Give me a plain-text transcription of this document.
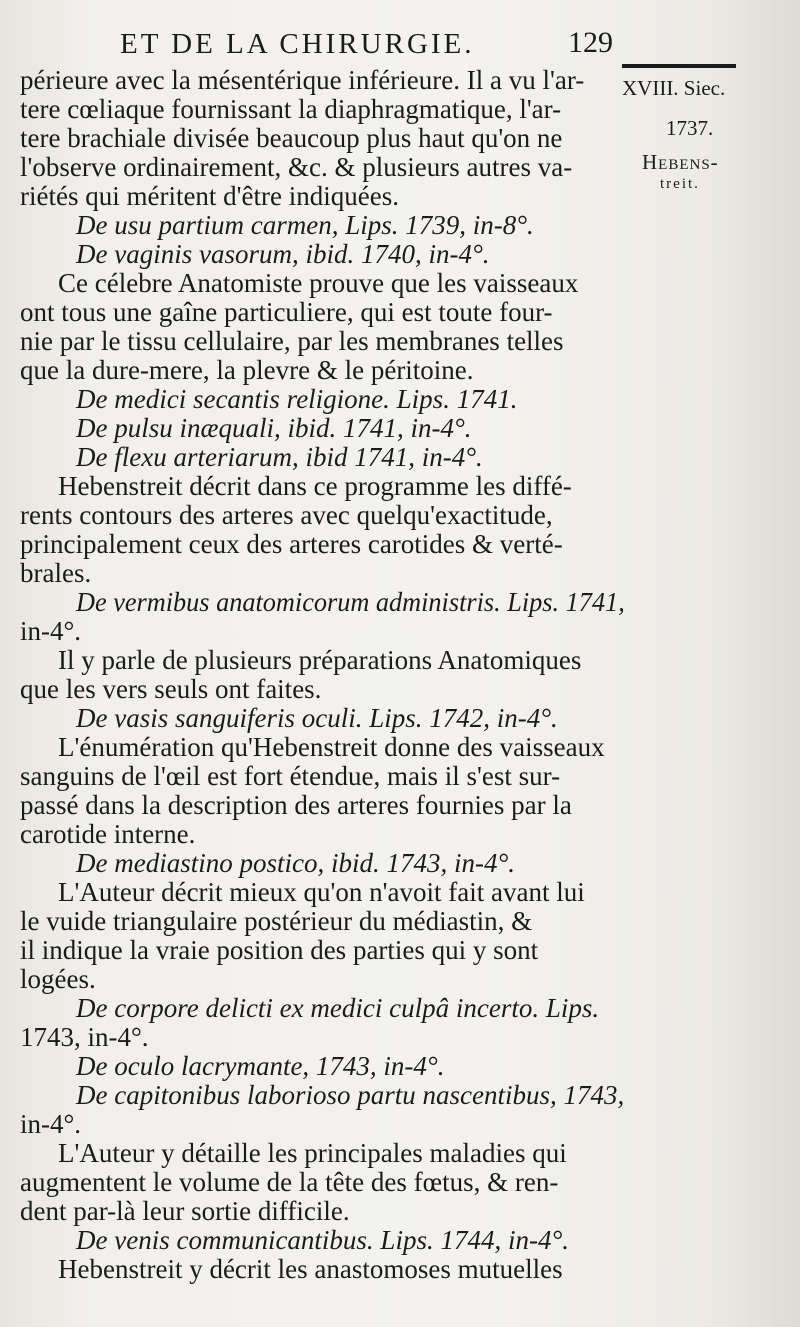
ET DE LA CHIRURGIE.	129
XVIII. Siec.
1737.
Hebens-
treit.
périeure avec la mésentérique inférieure. Il a vu l'ar-
tere cœliaque fournissant la diaphragmatique, l'ar-
tere brachiale divisée beaucoup plus haut qu'on ne
l'observe ordinairement, &c. & plusieurs autres va-
riétés qui méritent d'être indiquées.
De usu partium carmen, Lips. 1739, in-8°.
De vaginis vasorum, ibid. 1740, in-4°.
Ce célebre Anatomiste prouve que les vaisseaux
ont tous une gaîne particuliere, qui est toute four-
nie par le tissu cellulaire, par les membranes telles
que la dure-mere, la plevre & le péritoine.
De medici secantis religione. Lips. 1741.
De pulsu inæquali, ibid. 1741, in-4°.
De flexu arteriarum, ibid 1741, in-4°.
Hebenstreit décrit dans ce programme les diffé-
rents contours des arteres avec quelqu'exactitude,
principalement ceux des arteres carotides & verté-
brales.
De vermibus anatomicorum administris. Lips. 1741,
in-4°.
Il y parle de plusieurs préparations Anatomiques
que les vers seuls ont faites.
De vasis sanguiferis oculi. Lips. 1742, in-4°.
L'énumération qu'Hebenstreit donne des vaisseaux
sanguins de l'œil est fort étendue, mais il s'est sur-
passé dans la description des arteres fournies par la
carotide interne.
De mediastino postico, ibid. 1743, in-4°.
L'Auteur décrit mieux qu'on n'avoit fait avant lui
le vuide triangulaire postérieur du médiastin, &
il indique la vraie position des parties qui y sont
logées.
De corpore delicti ex medici culpâ incerto. Lips.
1743, in-4°.
De oculo lacrymante, 1743, in-4°.
De capitonibus laborioso partu nascentibus, 1743,
in-4°.
L'Auteur y détaille les principales maladies qui
augmentent le volume de la tête des fœtus, & ren-
dent par-là leur sortie difficile.
De venis communicantibus. Lips. 1744, in-4°.
Hebenstreit y décrit les anastomoses mutuelles
